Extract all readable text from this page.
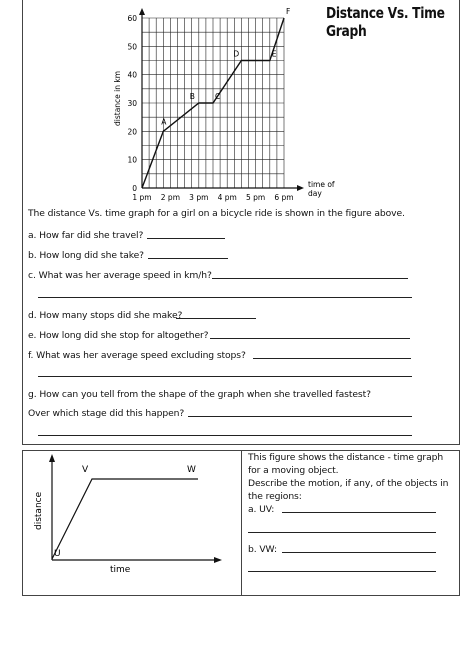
Distance Vs. Time Graph
0
10
20
30
40
50
60
1 pm 2 pm 3 pm 4 pm 5 pm 6 pm
distance in km
time of
day
A
B	C
D	E
F
The distance Vs. time graph for a girl on a bicycle ride is shown in the figure above.
a. How far did she travel?
b. How long did she take?
c. What was her average speed in km/h?
d. How many stops did she make?
e. How long did she stop for altogether?
f. What was her average speed excluding stops?
g. How can you tell from the shape of the graph when she travelled fastest?
Over which stage did this happen?
U
V	W
time
distance
This figure shows the distance - time graph
for a moving object.
Describe the motion, if any, of the objects in
the regions:
a. UV:
b. VW:
